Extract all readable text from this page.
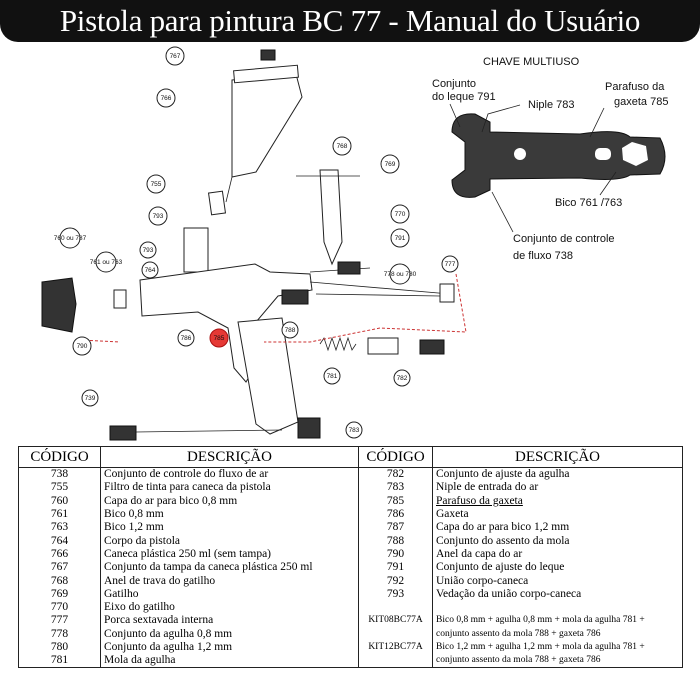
Pistola para pintura BC 77 - Manual do Usuário
CHAVE MULTIUSO
Conjunto
do leque 791
Niple 783
Parafuso da
gaxeta 785
Bico 761 /763
Conjunto de controle
de fluxo 738
767
766
755
793
793
764
761 ou 763
760 ou 787
790
768
769
770
791
778 ou 780
777
788
786	785
782
781
739
783
CÓDIGO	DESCRIÇÃO	CÓDIGO	DESCRIÇÃO
738	Conjunto de controle do fluxo de ar	782	Conjunto de ajuste da agulha
755	Filtro de tinta para caneca da pistola	783	Niple de entrada do ar
760	Capa do ar para bico 0,8 mm	785	Parafuso da gaxeta
761	Bico 0,8 mm	786	Gaxeta
763	Bico 1,2 mm	787	Capa do ar para bico 1,2 mm
764	Corpo da pistola	788	Conjunto do assento da mola
766	Caneca plástica 250 ml (sem tampa)	790	Anel da capa do ar
767	Conjunto da tampa da caneca plástica 250 ml	791	Conjunto de ajuste do leque
768	Anel de trava do gatilho	792	União corpo-caneca
769	Gatilho	793	Vedação da união corpo-caneca
770	Eixo do gatilho		
777	Porca sextavada interna	KIT08BC77A	Bico 0,8 mm + agulha 0,8 mm + mola da agulha 781 +
778	Conjunto da agulha 0,8 mm		conjunto assento da mola 788 + gaxeta 786
780	Conjunto da agulha 1,2 mm	KIT12BC77A	Bico 1,2 mm + agulha 1,2 mm + mola da agulha 781 +
781	Mola da agulha		conjunto assento da mola 788 + gaxeta 786
